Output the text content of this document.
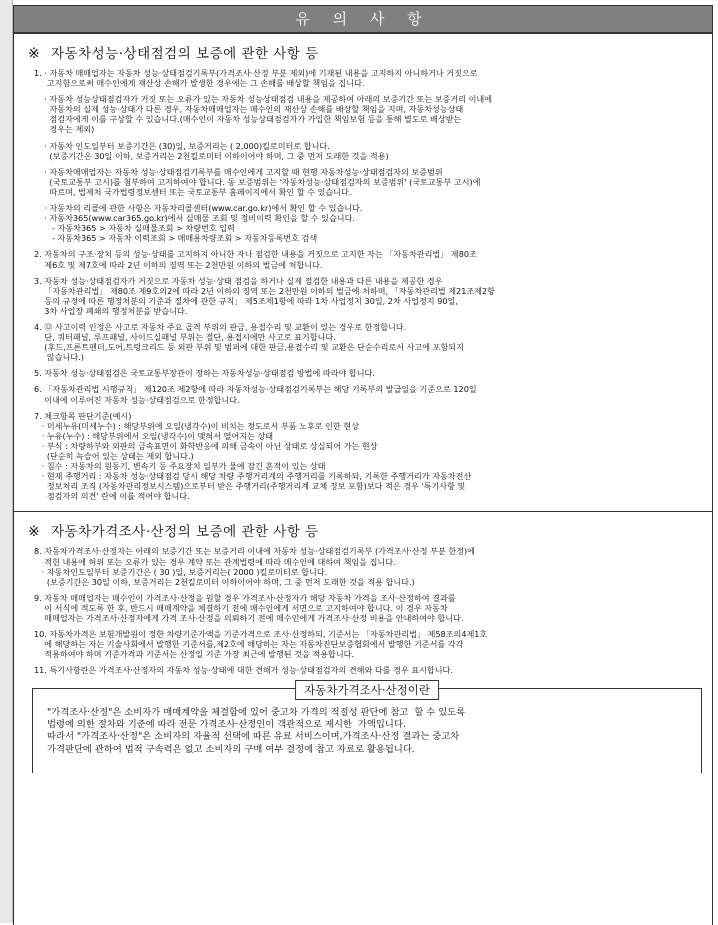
유 의 사 항
※ 자동차성능·상태점검의 보증에 관한 사항 등
1. · 자동차 매매업자는 자동차 성능·상태점검기록부(가격조사·산정 부분 제외)에 기재된 내용을 고지하지 아니하거나 거짓으로
고지함으로써 매수인에게 재산상 손해가 발생한 경우에는 그 손해를 배상할 책임을 집니다.
· 자동차 성능상태점검자가 거짓 또는 오류가 있는 자동차 성능상태점검 내용을 제공하여 아래의 보증기간 또는 보증거리 이내에
자동차의 실제 성능·상태가 다른 경우, 자동차매매업자는 매수인의 재산상 손해를 배상할 책임을 지며, 자동차성능상태
점검자에게 이를 구상할 수 있습니다.(매수인이 자동차 성능상태점검자가 가입한 책임보험 등을 통해 별도로 배상받는
경우는 제외)
· 자동차 인도일부터 보증기간은 (30)일, 보증거리는 ( 2,000)킬로미터로 합니다.
(보증기간은 30일 이하, 보증거리는 2천킬로미터 이하이어야 하며, 그 중 먼저 도래한 것을 적용)
· 자동차매매업자는 자동차 성능·상태점검기록부를 매수인에게 고지할 때 현행 자동차성능·상태점검자의 보증범위
(국토교통부 고시)를 첨부하여 고지하여야 합니다. 동 보증범위는 '자동차성능·상태점검자의 보증범위' (국토교통부 고시)에
따르며, 법제처 국가법령정보센터 또는 국토교통부 홈페이지에서 확인 할 수 있습니다.
· 자동차의 리콜에 관한 사항은 자동차리콜센터(www.car.go.kr)에서 확인 할 수 있습니다.
· 자동차365(www.car365.go.kr)에서 실매물 조회 및 정비이력 확인을 할 수 있습니다.
- 자동차365 > 자동차 실매물조회 > 차량번호 입력
- 자동차365 > 자동차 이력조회 > 매매용차량조회 > 자동차등록번호 검색
2. 자동차의 구조·장치 등의 성능·상태를 고지하지 아니한 자나 점검한 내용을 거짓으로 고지한 자는 「자동차관리법」 제80조
제6호 및 제7호에 따라 2년 이하의 징역 또는 2천만원 이하의 벌금에 처합니다.
3. 자동차 성능·상태점검자가 거짓으로 자동차 성능·상태 점검을 하거나 실제 점검한 내용과 다른 내용을 제공한 경우
「자동차관리법」 제80조 제9호의2에 따라 2년 이하의 징역 또는 2천만원 이하의 벌금에 처하며, 「자동차관리법 제21조제2항
등의 규정에 따른 행정처분의 기준과 절차에 관한 규칙」 제5조제1항에 따라 1차 사업정지 30일, 2차 사업정지 90일,
3차 사업장 폐쇄의 행정처분을 받습니다.
4. ⑫ 사고이력 인정은 사고로 자동차 주요 골격 부위의 판금, 용접수리 및 교환이 있는 경우로 한정합니다.
단, 쿼터패널, 루프패널, 사이드실패널 부위는 절단, 용접시에만 사고로 표기합니다.
(후드,프론트펜더,도어,트렁크리드 등 외판 부위 및 범퍼에 대한 판금,용접수리 및 교환은 단순수리로서 사고에 포함되지
않습니다.)
5. 자동차 성능·상태점검은 국토교통부장관이 정하는 자동차성능·상태점검 방법에 따라야 합니다.
6. 「자동차관리법 시행규칙」 제120조 제2항에 따라 자동차성능·상태점검기록부는 해당 기록부의 발급일을 기준으로 120일
이내에 이루어진 자동차 성능·상태점검으로 한정합니다.
7. 체크항목 판단기준(예시)
· 미세누유(미세누수) : 해당부위에 오일(냉각수)이 비치는 정도로서 부품 노후로 인한 현상
· 누유(누수) : 해당부위에서 오일(냉각수)이 맺혀서 떨어지는 상태
· 부식 : 차량하부와 외판의 금속표면이 화학반응에 의해 금속이 아닌 상태로 상실되어 가는 현상
(단순히 녹슬어 있는 상태는 제외 합니다.)
· 침수 : 자동차의 원동기, 변속기 등 주요장치 일부가 물에 잠긴 흔적이 있는 상태
· 현재 주행거리 : 자동차 성능·상태점검 당시 해당 차량 주행거리계의 주행거리를 기록하되, 기록한 주행거리가 자동차전산
정보처리 조직 (자동차관리정보시스템)으로부터 받은 주행거리(주행거리계 교체 정보 포함)보다 적은 경우 '특기사항 및
점검자의 의견' 란에 이를 적어야 합니다.
※ 자동차가격조사·산정의 보증에 관한 사항 등
8. 자동차가격조사·산정자는 아래의 보증기간 또는 보증거리 이내에 자동차 성능·상태점검기록부 (가격조사·산정 부분 한정)에
적힌 내용에 허위 또는 오류가 있는 경우 계약 또는 관계법령에 따라 매수인에 대하여 책임을 집니다.
· 자동차인도일부터 보증기간은 ( 30 )일, 보증거리는( 2000 )킬로미터로 합니다.
(보증기간은 30일 이하, 보증거리는 2천킬로미터 이하이어야 하며, 그 중 먼저 도래한 것을 적용 합니다.)
9. 자동차 매매업자는 매수인이 가격조사·산정을 원할 경우 가격조사·산정자가 해당 자동차 가격을 조사·산정하여 결과를
이 서식에 적도록 한 후, 반드시 매매계약을 체결하기 전에 매수인에게 서면으로 고지하여야 합니다. 이 경우 자동차
매매업자는 가격조사·산정자에게 가격 조사·산정을 의뢰하기 전에 매수인에게 가격조사·산정 비용을 안내하여야 합니다.
10. 자동차가격은 보험개발원이 정한 차량기준가액을 기준가격으로 조사·산정하되, 기준서는 「자동차관리법」 제58조의4제1호
에 해당하는 자는 기술사회에서 발행한 기준서를,제2호에 해당하는 자는 자동차진단보증협회에서 발행한 기준서를 각각
적용하여야 하며 기준가격과 기준서는 산정일 기준 가장 최근에 발행된 것을 적용합니다.
11. 특기사항란은 가격조사·산정자의 자동차 성능·상태에 대한 견해가 성능·상태점검자의 견해와 다를 경우 표시합니다.
"가격조사·산정"은 소비자가 매매계약을 체결함에 있어 중고차 가격의 적절성 판단에 참고  할 수 있도록
법령에 의한 절차와 기준에 따라 전문 가격조사·산정인이 객관적으로 제시한  가액입니다.
따라서 "가격조사·산정"은 소비자의 자율적 선택에 따른 유료 서비스이며,가격조사·산정 결과는 중고차
가격판단에 관하여 법적 구속력은 없고 소비자의 구매 여부 결정에 참고 자료로 활용됩니다.
자동차가격조사·산정이란
